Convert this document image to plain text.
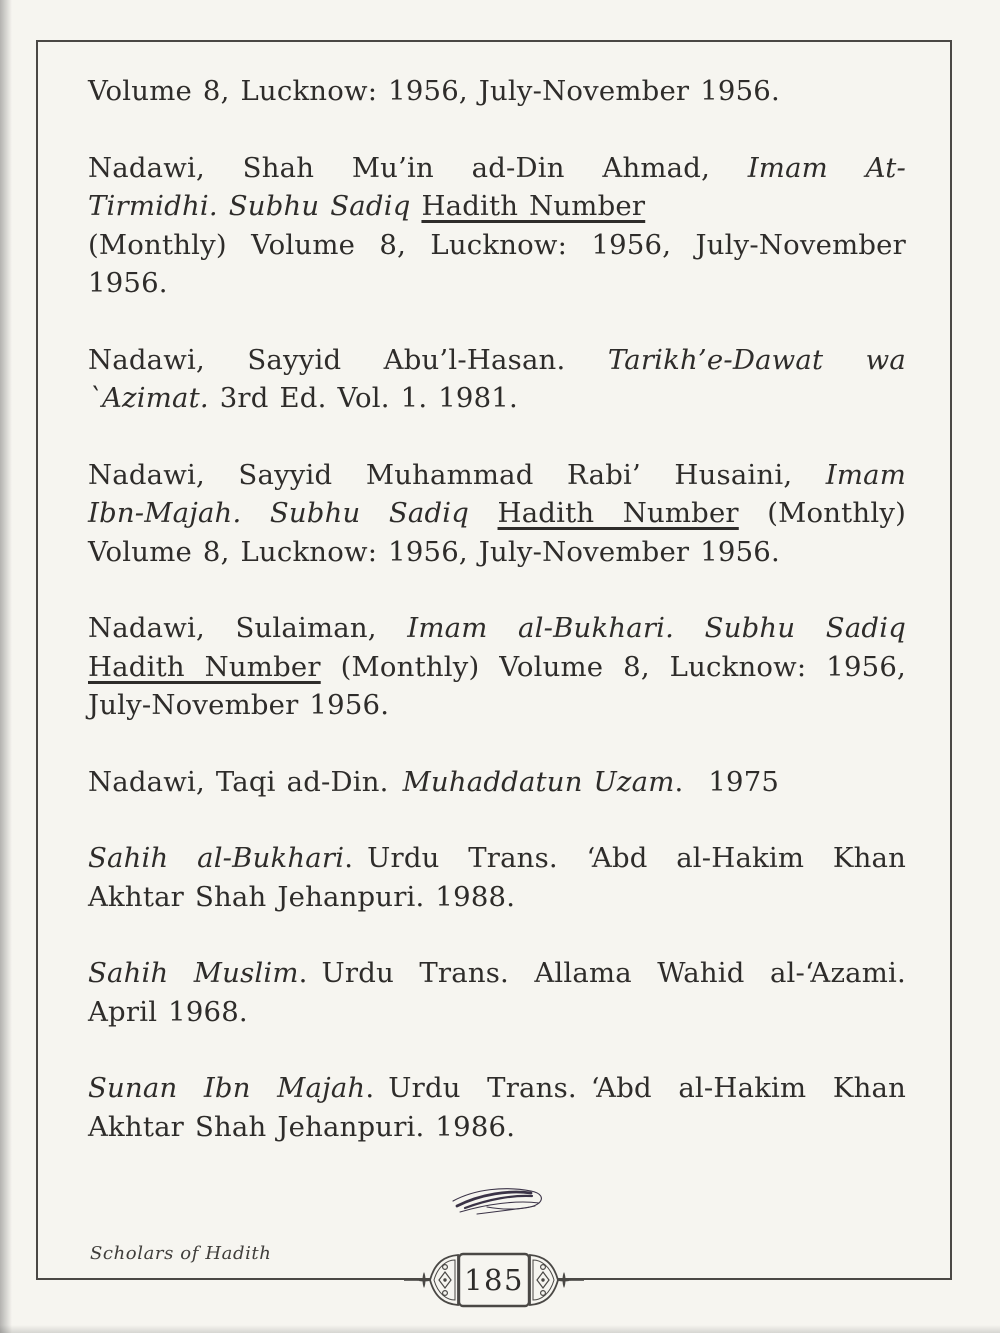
Volume 8, Lucknow: 1956, July-November 1956.
Nadawi, Shah Mu’in ad-Din Ahmad, Imam At-
Tirmidhi. Subhu Sadiq Hadith Number
(Monthly) Volume 8, Lucknow: 1956, July-November
1956.
Nadawi, Sayyid Abu’l-Hasan. Tarikh’e-Dawat wa
`Azimat. 3rd Ed. Vol. 1. 1981.
Nadawi, Sayyid Muhammad Rabi’ Husaini, Imam
Ibn-Majah. Subhu Sadiq Hadith Number (Monthly)
Volume 8, Lucknow: 1956, July-November 1956.
Nadawi, Sulaiman, Imam al-Bukhari. Subhu Sadiq
Hadith Number (Monthly) Volume 8, Lucknow: 1956,
July-November 1956.
Nadawi, Taqi ad-Din. Muhaddatun Uzam.  1975
Sahih al-Bukhari. Urdu Trans. ‘Abd al-Hakim Khan
Akhtar Shah Jehanpuri. 1988.
Sahih Muslim. Urdu Trans. Allama Wahid al-‘Azami.
April 1968.
Sunan Ibn Majah. Urdu Trans. ‘Abd al-Hakim Khan
Akhtar Shah Jehanpuri. 1986.
Scholars of Hadith
185
